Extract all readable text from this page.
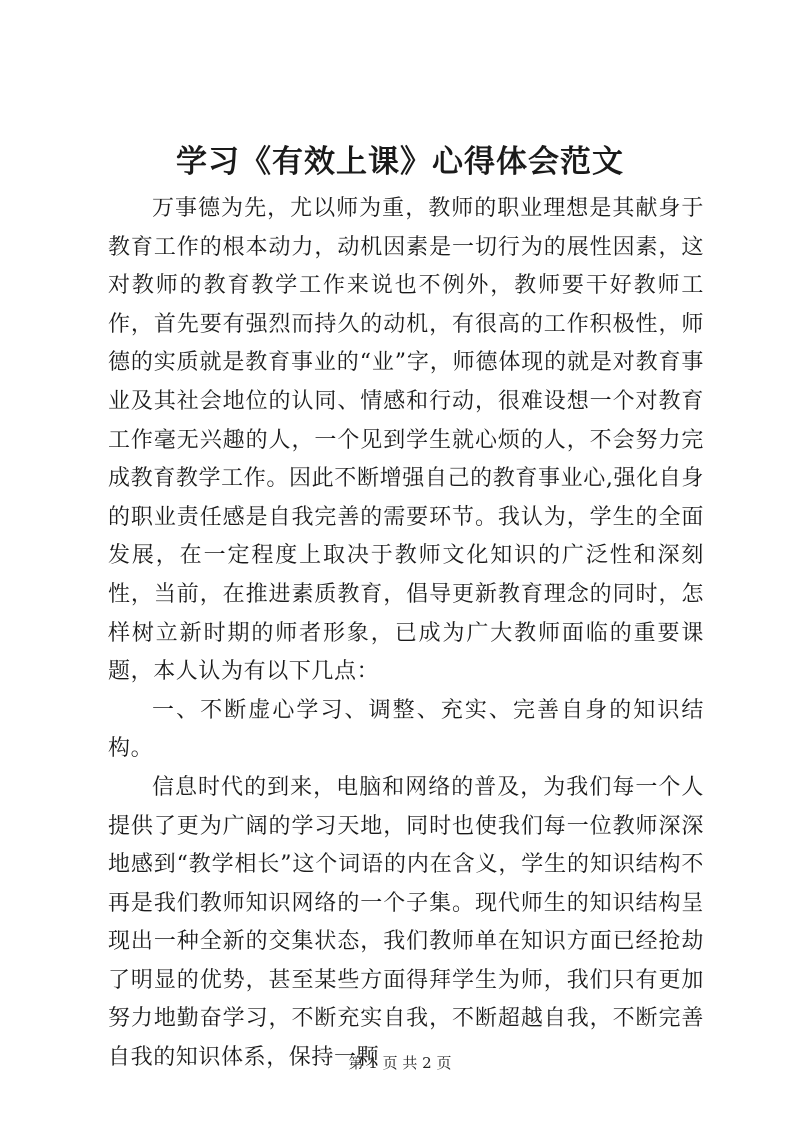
学习《有效上课》心得体会范文

万事德为先，尤以师为重，教师的职业理想是其献身于教育工作的根本动力，动机因素是一切行为的展性因素，这对教师的教育教学工作来说也不例外，教师要干好教师工作，首先要有强烈而持久的动机，有很高的工作积极性，师德的实质就是教育事业的“业”字，师德体现的就是对教育事业及其社会地位的认同、情感和行动，很难设想一个对教育工作毫无兴趣的人，一个见到学生就心烦的人，不会努力完成教育教学工作。因此不断增强自己的教育事业心,强化自身的职业责任感是自我完善的需要环节。我认为，学生的全面发展，在一定程度上取决于教师文化知识的广泛性和深刻性，当前，在推进素质教育，倡导更新教育理念的同时，怎样树立新时期的师者形象，已成为广大教师面临的重要课题，本人认为有以下几点：

一、不断虚心学习、调整、充实、完善自身的知识结构。

信息时代的到来，电脑和网络的普及，为我们每一个人提供了更为广阔的学习天地，同时也使我们每一位教师深深地感到“教学相长”这个词语的内在含义，学生的知识结构不再是我们教师知识网络的一个子集。现代师生的知识结构呈现出一种全新的交集状态，我们教师单在知识方面已经抢劫了明显的优势，甚至某些方面得拜学生为师，我们只有更加努力地勤奋学习，不断充实自我，不断超越自我，不断完善自我的知识体系，保持一颗

第 1 页 共 2 页
